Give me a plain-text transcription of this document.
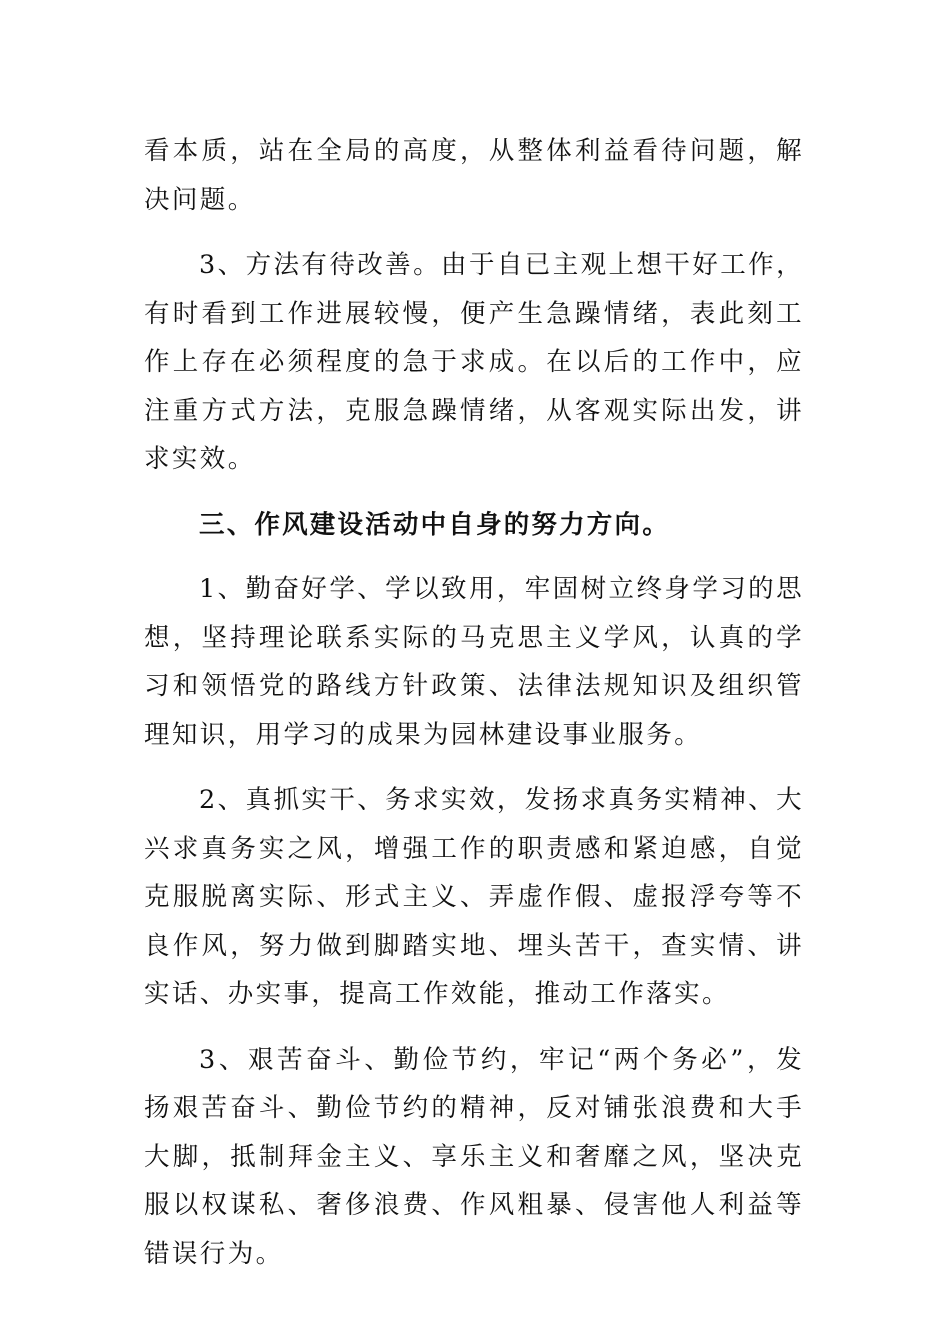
看本质，站在全局的高度，从整体利益看待问题，解决问题。

3、方法有待改善。由于自已主观上想干好工作，有时看到工作进展较慢，便产生急躁情绪，表此刻工作上存在必须程度的急于求成。在以后的工作中，应注重方式方法，克服急躁情绪，从客观实际出发，讲求实效。

三、作风建设活动中自身的努力方向。

1、勤奋好学、学以致用，牢固树立终身学习的思想，坚持理论联系实际的马克思主义学风，认真的学习和领悟党的路线方针政策、法律法规知识及组织管理知识，用学习的成果为园林建设事业服务。

2、真抓实干、务求实效，发扬求真务实精神、大兴求真务实之风，增强工作的职责感和紧迫感，自觉克服脱离实际、形式主义、弄虚作假、虚报浮夸等不良作风，努力做到脚踏实地、埋头苦干，查实情、讲实话、办实事，提高工作效能，推动工作落实。

3、艰苦奋斗、勤俭节约，牢记“两个务必”，发扬艰苦奋斗、勤俭节约的精神，反对铺张浪费和大手大脚，抵制拜金主义、享乐主义和奢靡之风，坚决克服以权谋私、奢侈浪费、作风粗暴、侵害他人利益等错误行为。
